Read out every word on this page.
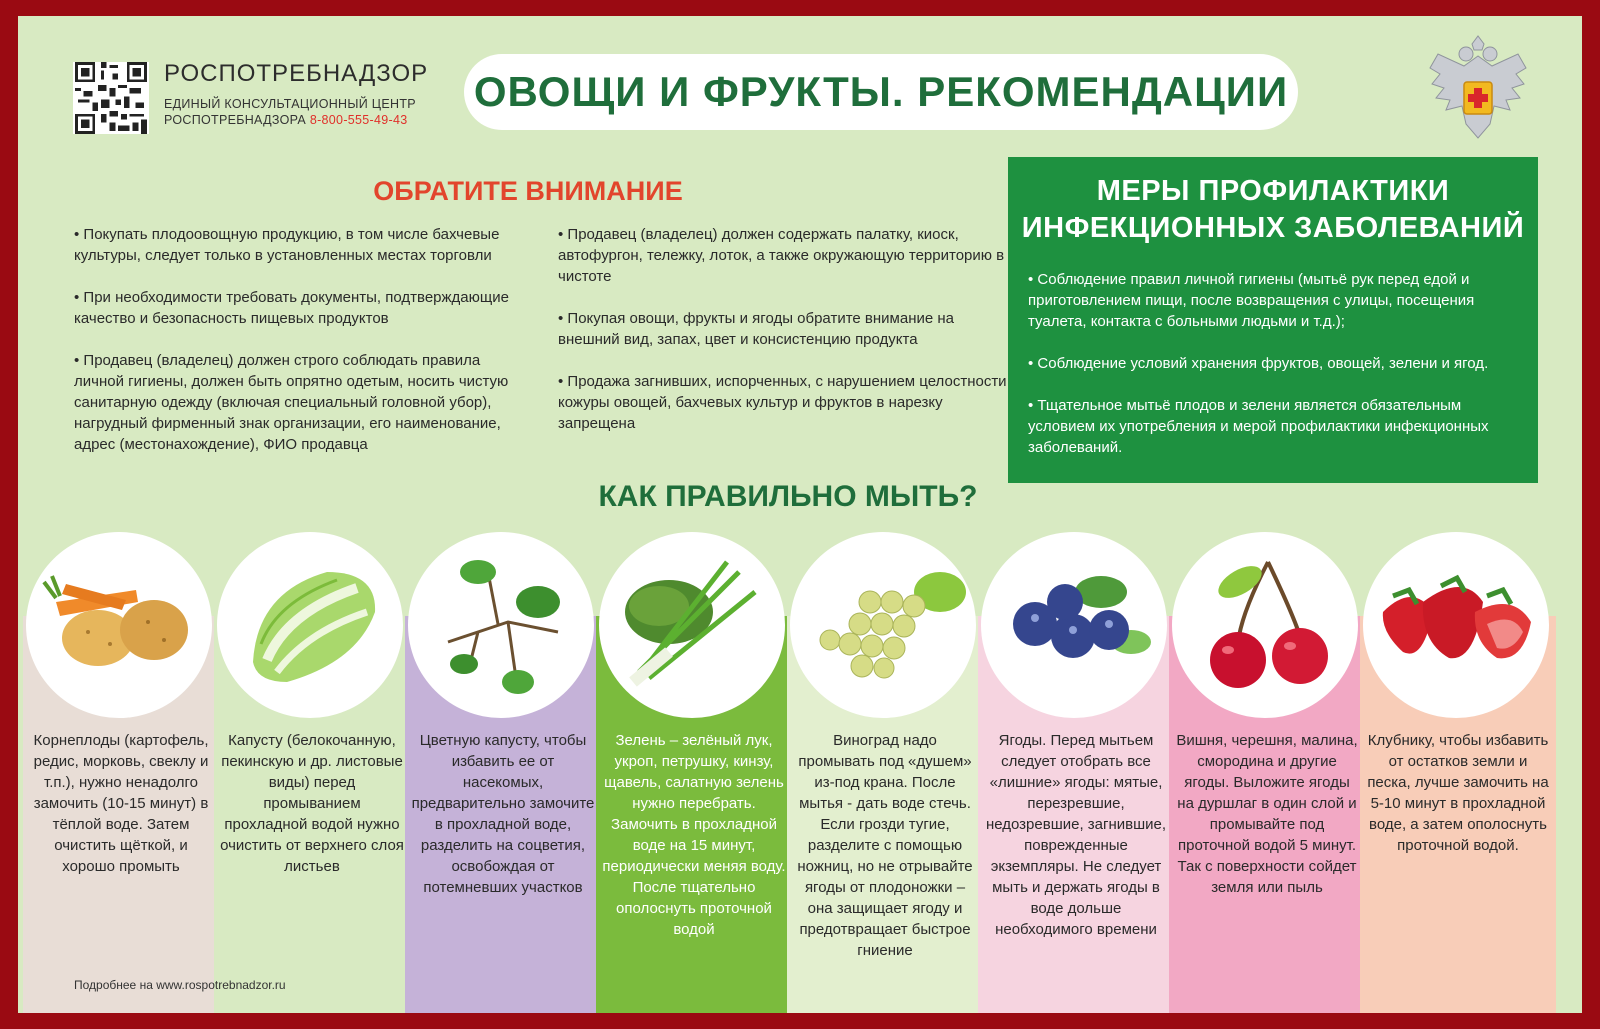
РОСПОТРЕБНАДЗОР
ЕДИНЫЙ КОНСУЛЬТАЦИОННЫЙ ЦЕНТР
РОСПОТРЕБНАДЗОРА 8-800-555-49-43
ОВОЩИ И ФРУКТЫ. РЕКОМЕНДАЦИИ
ОБРАТИТЕ ВНИМАНИЕ

• Покупать плодоовощную продукцию, в том числе бахчевые культуры, следует только в установленных местах торговли

• При необходимости требовать документы, подтверждающие качество и безопасность пищевых продуктов

• Продавец (владелец) должен строго соблюдать правила личной гигиены, должен быть опрятно одетым, носить чистую санитарную одежду (включая специальный головной убор), нагрудный фирменный знак организации, его наименование, адрес (местонахождение), ФИО продавца

• Продавец (владелец) должен содержать палатку, киоск, автофургон, тележку, лоток, а также окружающую территорию в чистоте

• Покупая овощи, фрукты и ягоды обратите внимание на внешний вид, запах, цвет и консистенцию продукта

• Продажа загнивших, испорченных, с нарушением целостности кожуры овощей, бахчевых культур и фруктов в нарезку запрещена

МЕРЫ ПРОФИЛАКТИКИ
ИНФЕКЦИОННЫХ ЗАБОЛЕВАНИЙ

• Соблюдение правил личной гигиены (мытьё рук перед едой и приготовлением пищи, после возвращения с улицы, посещения туалета, контакта с больными людьми и т.д.);

• Соблюдение условий хранения фруктов, овощей, зелени и ягод.

• Тщательное мытьё плодов и зелени является обязательным условием их употребления и мерой профилактики инфекционных заболеваний.

КАК ПРАВИЛЬНО МЫТЬ?
Корнеплоды (картофель, редис, морковь, свеклу и т.п.), нужно ненадолго замочить (10-15 минут) в тёплой воде. Затем очистить щёткой, и хорошо промыть
Капусту (белокочанную, пекинскую и др. листовые виды) перед промыванием прохладной водой нужно очистить от верхнего слоя листьев
Цветную капусту, чтобы избавить ее от насекомых, предварительно замочите в прохладной воде, разделить на соцветия, освобождая от потемневших участков
Зелень – зелёный лук, укроп, петрушку, кинзу, щавель, салатную зелень нужно перебрать. Замочить в прохладной воде на 15 минут, периодически меняя воду. После тщательно ополоснуть проточной водой
Виноград надо промывать под «душем» из-под крана. После мытья - дать воде стечь. Если грозди тугие, разделите с помощью ножниц, но не отрывайте ягоды от плодоножки – она защищает ягоду и предотвращает быстрое гниение
Ягоды. Перед мытьем следует отобрать все «лишние» ягоды: мятые, перезревшие, недозревшие, загнившие, поврежденные экземпляры. Не следует мыть и держать ягоды в воде дольше необходимого времени
Вишня, черешня, малина, смородина и другие ягоды. Выложите ягоды на дуршлаг в один слой и промывайте под проточной водой 5 минут. Так с поверхности сойдет земля или пыль
Клубнику, чтобы избавить от остатков земли и песка, лучше замочить на 5-10 минут в прохладной воде, а затем ополоснуть проточной водой.
Подробнее на www.rospotrebnadzor.ru
